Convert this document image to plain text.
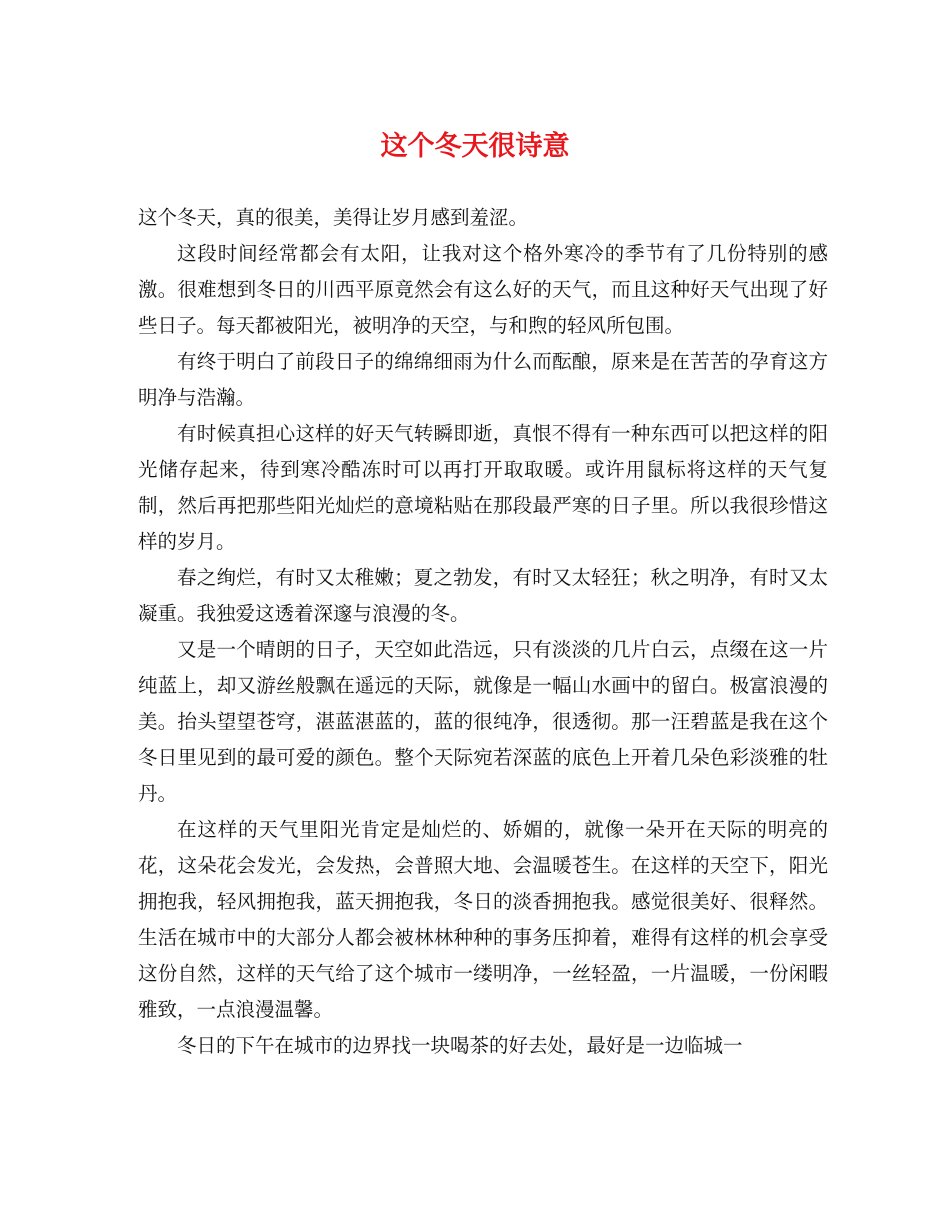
这个冬天很诗意

这个冬天，真的很美，美得让岁月感到羞涩。

这段时间经常都会有太阳，让我对这个格外寒冷的季节有了几份特别的感激。很难想到冬日的川西平原竟然会有这么好的天气，而且这种好天气出现了好些日子。每天都被阳光，被明净的天空，与和煦的轻风所包围。

有终于明白了前段日子的绵绵细雨为什么而酝酿，原来是在苦苦的孕育这方明净与浩瀚。

有时候真担心这样的好天气转瞬即逝，真恨不得有一种东西可以把这样的阳光储存起来，待到寒冷酷冻时可以再打开取取暖。或许用鼠标将这样的天气复制，然后再把那些阳光灿烂的意境粘贴在那段最严寒的日子里。所以我很珍惜这样的岁月。

春之绚烂，有时又太稚嫩；夏之勃发，有时又太轻狂；秋之明净，有时又太凝重。我独爱这透着深邃与浪漫的冬。

又是一个晴朗的日子，天空如此浩远，只有淡淡的几片白云，点缀在这一片纯蓝上，却又游丝般飘在遥远的天际，就像是一幅山水画中的留白。极富浪漫的美。抬头望望苍穹，湛蓝湛蓝的，蓝的很纯净，很透彻。那一汪碧蓝是我在这个冬日里见到的最可爱的颜色。整个天际宛若深蓝的底色上开着几朵色彩淡雅的牡丹。

在这样的天气里阳光肯定是灿烂的、娇媚的，就像一朵开在天际的明亮的花，这朵花会发光，会发热，会普照大地、会温暖苍生。在这样的天空下，阳光拥抱我，轻风拥抱我，蓝天拥抱我，冬日的淡香拥抱我。感觉很美好、很释然。生活在城市中的大部分人都会被林林种种的事务压抑着，难得有这样的机会享受这份自然，这样的天气给了这个城市一缕明净，一丝轻盈，一片温暖，一份闲暇雅致，一点浪漫温馨。

冬日的下午在城市的边界找一块喝茶的好去处，最好是一边临城一
